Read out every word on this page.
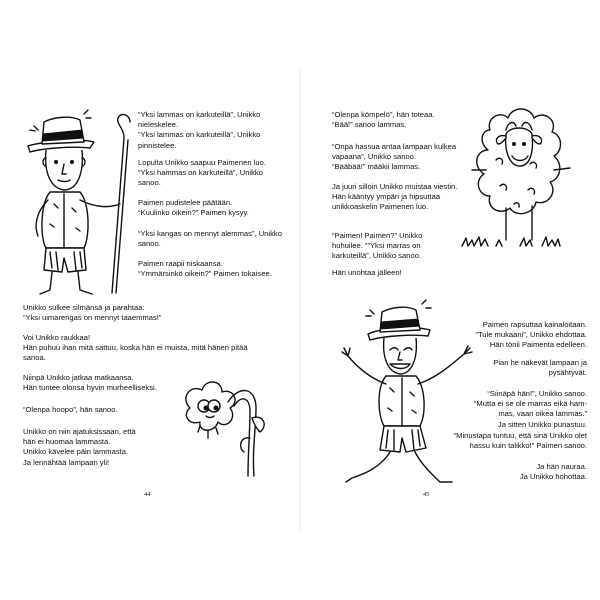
“Yksi lammas on karkuteillä”, Unikko
nieleskelee.
“Yksi lammas on karkuteillä”, Unikko
pinnistelee.
Lopulta Unikko saapuu Paimenen luo.
“Yksi hammas on karkuteillä”, Unikko
sanoo.
Paimen pudistelee päätään.
“Kuulinko oikein?” Paimen kysyy.
“Yksi kangas on mennyt alemmas”, Unikko
sanoo.
Paimen raapii niskaansa.
“Ymmärsinkö oikein?” Paimen tokaisee.
Unikko sulkee silmänsä ja parahtaa:
“Yksi uimarengas on mennyt taaemmas!”
Voi Unikko raukkaa!
Hän puhuu ihan mitä sattuu, koska hän ei muista, mitä hänen pitää
sanoa.
Niinpä Unikko jatkaa matkaansa.
Hän tuntee olonsa hyvin murheelliseksi.
“Olenpa hoopo”, hän sanoo.
Unikko on niin ajatuksissaan, että
hän ei huomaa lammasta.
Unikko kävelee päin lammasta.
Ja lennähtää lampaan yli!
44
“Olenpa kömpelö”, hän toteaa.
“Bää!” sanoo lammas.
“Onpa hassua antaa lampaan kulkea
vapaana”, Unikko sanoo.
“Bääbää!” määkii lammas.
Ja juuri silloin Unikko muistaa viestin.
Hän kääntyy ympäri ja hipsuttaa
unikkoaskelin Paimenen luo.
“Paimen! Paimen?” Unikko
huhuilee. “”Yksi marras on
karkuteillä”, Unikko sanoo.
Hän unohtaa jälleen!
Paimen rapsuttaa kainaloitaan.
“Tule mukaani”, Unikko ehdottaa.
Hän tönii Paimenta edelleen.
Pian he näkevät lampaan ja
pysähtyvät.
“Siinäpä hän!”, Unikko sanoo.
“Mutta ei se ole marras eikä ham-
mas, vaan oikea lammas.”
Ja sitten Unikko punastuu.
“Minustapa tuntuu, että sinä Unikko olet
hassu kuin talikko!” Paimen sanoo.
Ja hän nauraa.
Ja Unikko hohottaa.
45
